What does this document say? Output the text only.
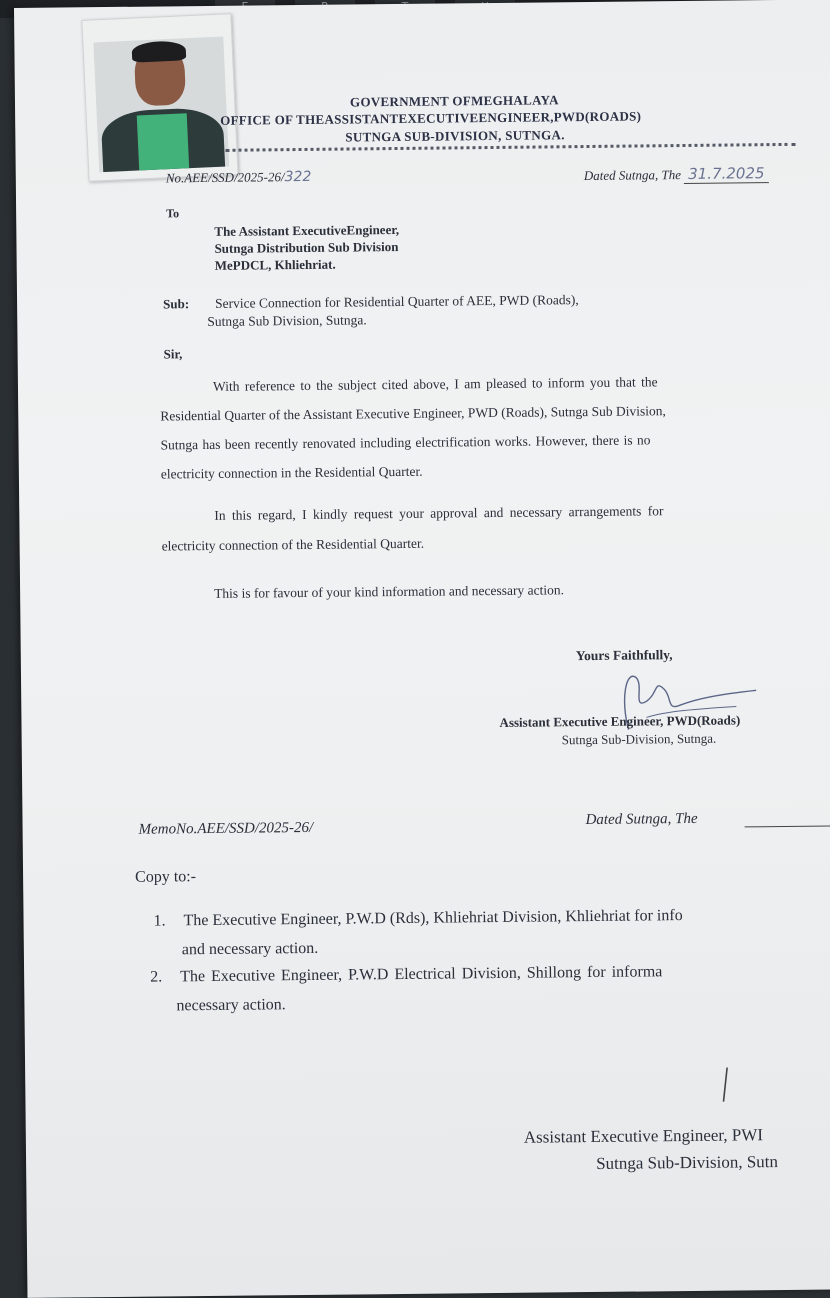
GOVERNMENT OFMEGHALAYA
OFFICE OF THEASSISTANTEXECUTIVEENGINEER,PWD(ROADS)
SUTNGA SUB-DIVISION, SUTNGA.
No.AEE/SSD/2025-26/322	Dated Sutnga, The 31.7.2025
To
The Assistant ExecutiveEngineer,
Sutnga Distribution Sub Division
MePDCL, Khliehriat.
Sub: Service Connection for Residential Quarter of AEE, PWD (Roads),
Sutnga Sub Division, Sutnga.
Sir,
With reference to the subject cited above, I am pleased to inform you that the
Residential Quarter of the Assistant Executive Engineer, PWD (Roads), Sutnga Sub Division,
Sutnga has been recently renovated including electrification works. However, there is no
electricity connection in the Residential Quarter.
In this regard, I kindly request your approval and necessary arrangements for
electricity connection of the Residential Quarter.
This is for favour of your kind information and necessary action.
Yours Faithfully,
Assistant Executive Engineer, PWD(Roads)
Sutnga Sub-Division, Sutnga.
MemoNo.AEE/SSD/2025-26/
Dated Sutnga, The
Copy to:-
1. The Executive Engineer, P.W.D (Rds), Khliehriat Division, Khliehriat for info
and necessary action.
2. The Executive Engineer, P.W.D Electrical Division, Shillong for informa
necessary action.
Assistant Executive Engineer, PWI
Sutnga Sub-Division, Sutn
